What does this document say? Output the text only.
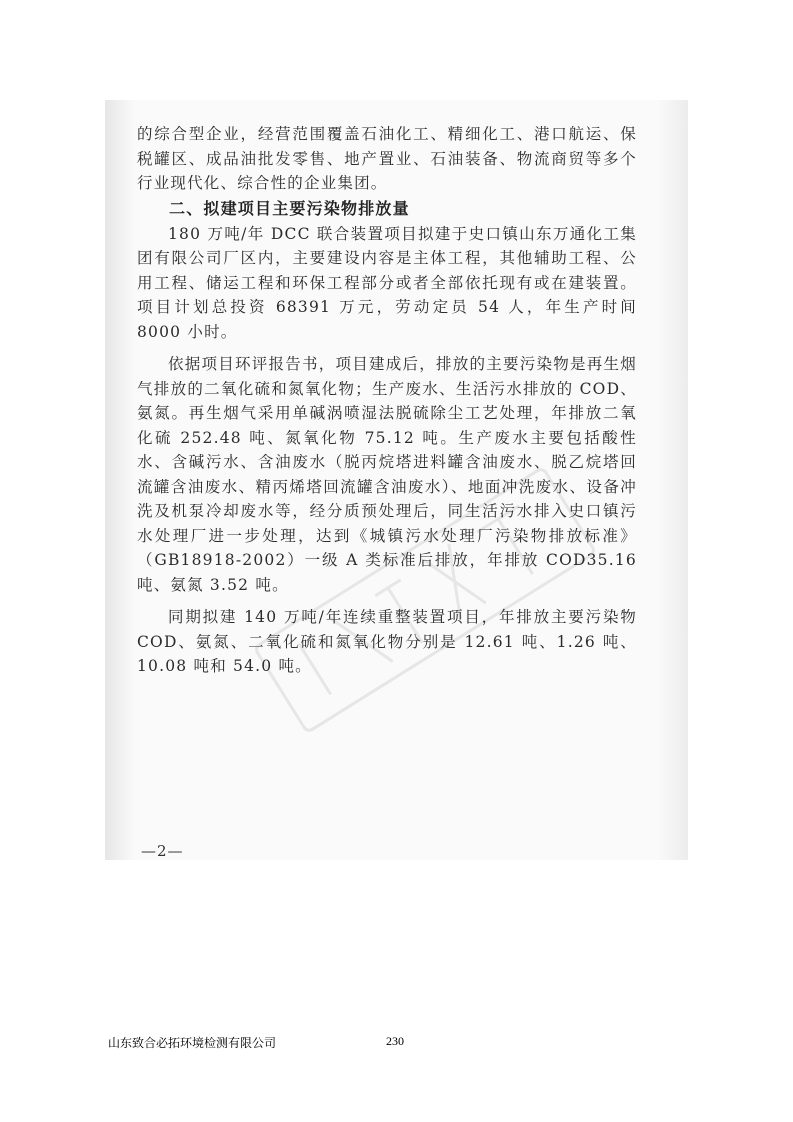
的综合型企业，经营范围覆盖石油化工、精细化工、港口航运、保税罐区、成品油批发零售、地产置业、石油装备、物流商贸等多个行业现代化、综合性的企业集团。

二、拟建项目主要污染物排放量

180 万吨/年 DCC 联合装置项目拟建于史口镇山东万通化工集团有限公司厂区内，主要建设内容是主体工程，其他辅助工程、公用工程、储运工程和环保工程部分或者全部依托现有或在建装置。项目计划总投资 68391 万元，劳动定员 54 人，年生产时间 8000 小时。

依据项目环评报告书，项目建成后，排放的主要污染物是再生烟气排放的二氧化硫和氮氧化物；生产废水、生活污水排放的 COD、氨氮。再生烟气采用单碱涡喷湿法脱硫除尘工艺处理，年排放二氧化硫 252.48 吨、氮氧化物 75.12 吨。生产废水主要包括酸性水、含碱污水、含油废水（脱丙烷塔进料罐含油废水、脱乙烷塔回流罐含油废水、精丙烯塔回流罐含油废水）、地面冲洗废水、设备冲洗及机泵冷却废水等，经分质预处理后，同生活污水排入史口镇污水处理厂进一步处理，达到《城镇污水处理厂污染物排放标准》（GB18918-2002）一级 A 类标准后排放，年排放 COD35.16 吨、氨氮 3.52 吨。

同期拟建 140 万吨/年连续重整装置项目，年排放主要污染物 COD、氨氮、二氧化硫和氮氧化物分别是 12.61 吨、1.26 吨、10.08 吨和 54.0 吨。

—2—
山东致合必拓环境检测有限公司	230
